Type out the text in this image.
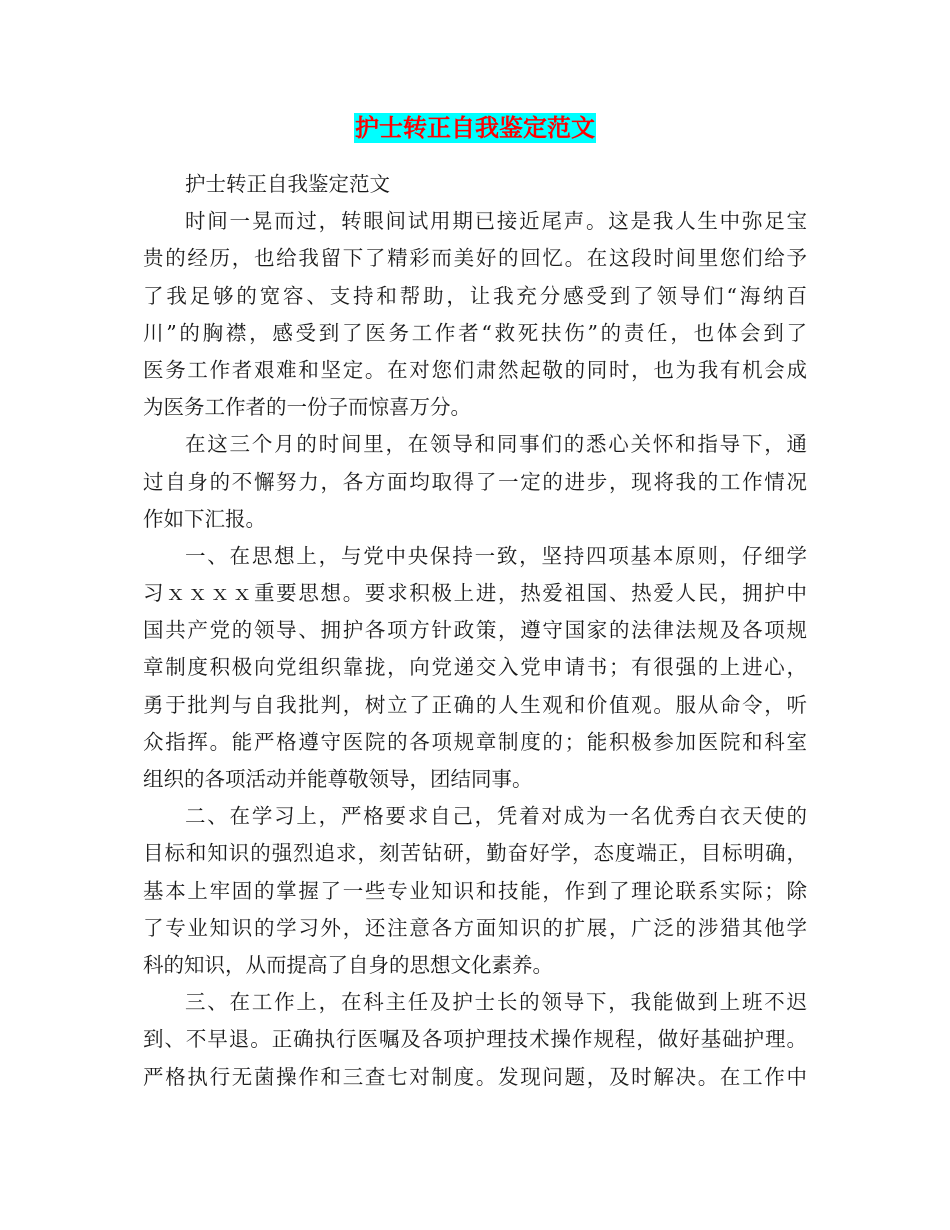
护士转正自我鉴定范文
护士转正自我鉴定范文
时间一晃而过，转眼间试用期已接近尾声。这是我人生中弥足宝
贵的经历，也给我留下了精彩而美好的回忆。在这段时间里您们给予
了我足够的宽容、支持和帮助，让我充分感受到了领导们“海纳百
川”的胸襟，感受到了医务工作者“救死扶伤”的责任，也体会到了
医务工作者艰难和坚定。在对您们肃然起敬的同时，也为我有机会成
为医务工作者的一份子而惊喜万分。
在这三个月的时间里，在领导和同事们的悉心关怀和指导下，通
过自身的不懈努力，各方面均取得了一定的进步，现将我的工作情况
作如下汇报。
一、在思想上，与党中央保持一致，坚持四项基本原则，仔细学
习ｘｘｘｘ重要思想。要求积极上进，热爱祖国、热爱人民，拥护中
国共产党的领导、拥护各项方针政策，遵守国家的法律法规及各项规
章制度积极向党组织靠拢，向党递交入党申请书；有很强的上进心，
勇于批判与自我批判，树立了正确的人生观和价值观。服从命令，听
众指挥。能严格遵守医院的各项规章制度的；能积极参加医院和科室
组织的各项活动并能尊敬领导，团结同事。
二、在学习上，严格要求自己，凭着对成为一名优秀白衣天使的
目标和知识的强烈追求，刻苦钻研，勤奋好学，态度端正，目标明确，
基本上牢固的掌握了一些专业知识和技能，作到了理论联系实际；除
了专业知识的学习外，还注意各方面知识的扩展，广泛的涉猎其他学
科的知识，从而提高了自身的思想文化素养。
三、在工作上，在科主任及护士长的领导下，我能做到上班不迟
到、不早退。正确执行医嘱及各项护理技术操作规程，做好基础护理。
严格执行无菌操作和三查七对制度。发现问题，及时解决。在工作中
